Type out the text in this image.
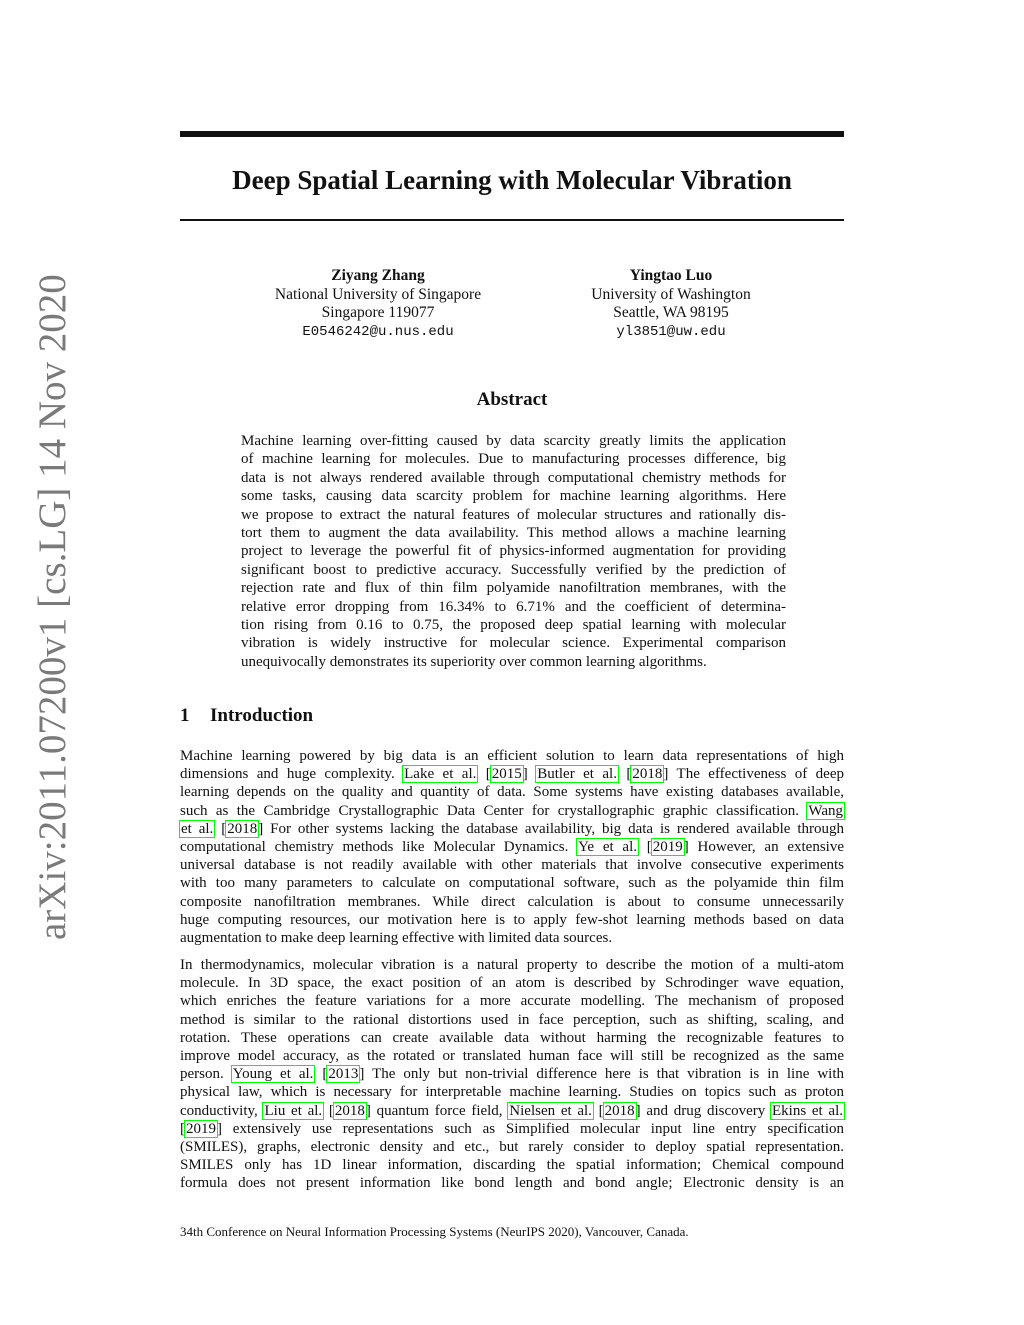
Deep Spatial Learning with Molecular Vibration
Ziyang Zhang
National University of Singapore
Singapore 119077
E0546242@u.nus.edu
Yingtao Luo
University of Washington
Seattle, WA 98195
yl3851@uw.edu
Abstract
Machine learning over-fitting caused by data scarcity greatly limits the application
of machine learning for molecules. Due to manufacturing processes difference, big
data is not always rendered available through computational chemistry methods for
some tasks, causing data scarcity problem for machine learning algorithms. Here
we propose to extract the natural features of molecular structures and rationally dis-
tort them to augment the data availability. This method allows a machine learning
project to leverage the powerful fit of physics-informed augmentation for providing
significant boost to predictive accuracy. Successfully verified by the prediction of
rejection rate and flux of thin film polyamide nanofiltration membranes, with the
relative error dropping from 16.34% to 6.71% and the coefficient of determina-
tion rising from 0.16 to 0.75, the proposed deep spatial learning with molecular
vibration is widely instructive for molecular science. Experimental comparison
unequivocally demonstrates its superiority over common learning algorithms.
1 Introduction
Machine learning powered by big data is an efficient solution to learn data representations of high
dimensions and huge complexity. Lake et al. [2015] Butler et al. [2018] The effectiveness of deep
learning depends on the quality and quantity of data. Some systems have existing databases available,
such as the Cambridge Crystallographic Data Center for crystallographic graphic classification. Wang
et al. [2018] For other systems lacking the database availability, big data is rendered available through
computational chemistry methods like Molecular Dynamics. Ye et al. [2019] However, an extensive
universal database is not readily available with other materials that involve consecutive experiments
with too many parameters to calculate on computational software, such as the polyamide thin film
composite nanofiltration membranes. While direct calculation is about to consume unnecessarily
huge computing resources, our motivation here is to apply few-shot learning methods based on data
augmentation to make deep learning effective with limited data sources.
In thermodynamics, molecular vibration is a natural property to describe the motion of a multi-atom
molecule. In 3D space, the exact position of an atom is described by Schrodinger wave equation,
which enriches the feature variations for a more accurate modelling. The mechanism of proposed
method is similar to the rational distortions used in face perception, such as shifting, scaling, and
rotation. These operations can create available data without harming the recognizable features to
improve model accuracy, as the rotated or translated human face will still be recognized as the same
person. Young et al. [2013] The only but non-trivial difference here is that vibration is in line with
physical law, which is necessary for interpretable machine learning. Studies on topics such as proton
conductivity, Liu et al. [2018] quantum force field, Nielsen et al. [2018] and drug discovery Ekins et al.
[2019] extensively use representations such as Simplified molecular input line entry specification
(SMILES), graphs, electronic density and etc., but rarely consider to deploy spatial representation.
SMILES only has 1D linear information, discarding the spatial information; Chemical compound
formula does not present information like bond length and bond angle; Electronic density is an
34th Conference on Neural Information Processing Systems (NeurIPS 2020), Vancouver, Canada.
arXiv:2011.07200v1 [cs.LG] 14 Nov 2020
